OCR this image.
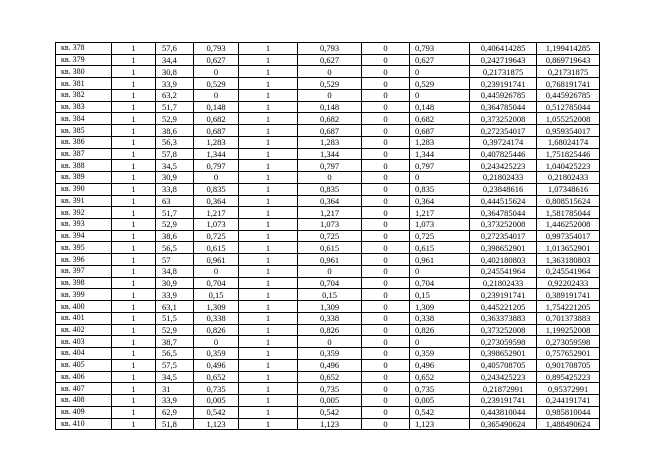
кв. 378	1	57,6	0,793	1	0,793	0	0,793	0,406414285	1,199414285
кв. 379	1	34,4	0,627	1	0,627	0	0,627	0,242719643	0,869719643
кв. 380	1	30,8	0	1	0	0	0	0,21731875	0,21731875
кв. 381	1	33,9	0,529	1	0,529	0	0,529	0,239191741	0,768191741
кв. 382	1	63,2	0	1	0	0	0	0,445926785	0,445926785
кв. 383	1	51,7	0,148	1	0,148	0	0,148	0,364785044	0,512785044
кв. 384	1	52,9	0,682	1	0,682	0	0,682	0,373252008	1,055252008
кв. 385	1	38,6	0,687	1	0,687	0	0,687	0,272354017	0,959354017
кв. 386	1	56,3	1,283	1	1,283	0	1,283	0,39724174	1,68024174
кв. 387	1	57,8	1,344	1	1,344	0	1,344	0,407825446	1,751825446
кв. 388	1	34,5	0,797	1	0,797	0	0,797	0,243425223	1,040425223
кв. 389	1	30,9	0	1	0	0	0	0,21802433	0,21802433
кв. 390	1	33,8	0,835	1	0,835	0	0,835	0,23848616	1,07348616
кв. 391	1	63	0,364	1	0,364	0	0,364	0,444515624	0,808515624
кв. 392	1	51,7	1,217	1	1,217	0	1,217	0,364785044	1,581785044
кв. 393	1	52,9	1,073	1	1,073	0	1,073	0,373252008	1,446252008
кв. 394	1	38,6	0,725	1	0,725	0	0,725	0,272354017	0,997354017
кв. 395	1	56,5	0,615	1	0,615	0	0,615	0,398652901	1,013652901
кв. 396	1	57	0,961	1	0,961	0	0,961	0,402180803	1,363180803
кв. 397	1	34,8	0	1	0	0	0	0,245541964	0,245541964
кв. 398	1	30,9	0,704	1	0,704	0	0,704	0,21802433	0,92202433
кв. 399	1	33,9	0,15	1	0,15	0	0,15	0,239191741	0,389191741
кв. 400	1	63,1	1,309	1	1,309	0	1,309	0,445221205	1,754221205
кв. 401	1	51,5	0,338	1	0,338	0	0,338	0,363373883	0,701373883
кв. 402	1	52,9	0,826	1	0,826	0	0,826	0,373252008	1,199252008
кв. 403	1	38,7	0	1	0	0	0	0,273059598	0,273059598
кв. 404	1	56,5	0,359	1	0,359	0	0,359	0,398652901	0,757652901
кв. 405	1	57,5	0,496	1	0,496	0	0,496	0,405708705	0,901708705
кв. 406	1	34,5	0,652	1	0,652	0	0,652	0,243425223	0,895425223
кв. 407	1	31	0,735	1	0,735	0	0,735	0,21872991	0,95372991
кв. 408	1	33,9	0,005	1	0,005	0	0,005	0,239191741	0,244191741
кв. 409	1	62,9	0,542	1	0,542	0	0,542	0,443810044	0,985810044
кв. 410	1	51,8	1,123	1	1,123	0	1,123	0,365490624	1,488490624
